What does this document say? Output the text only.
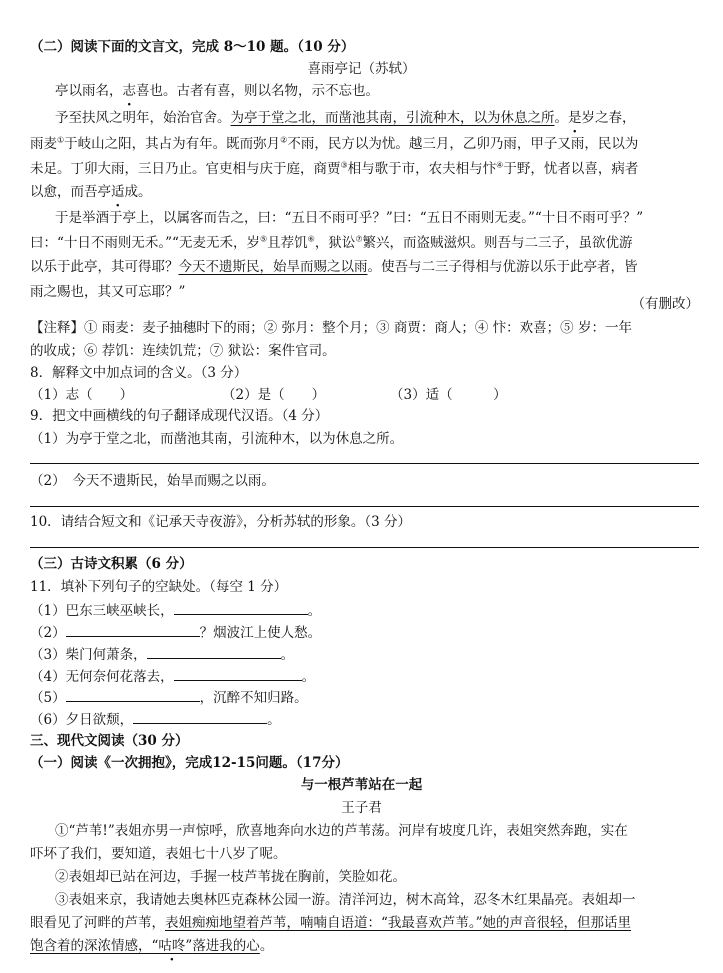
（二）阅读下面的文言文，完成 8～10 题。（10 分）
喜雨亭记（苏轼）
亭以雨名，志喜也。古者有喜，则以名物，示不忘也。
予至扶风之明年，始治官舍。为亭于堂之北，而凿池其南，引流种木，以为休息之所。是岁之春，
雨麦①于岐山之阳，其占为有年。既而弥月②不雨，民方以为忧。越三月，乙卯乃雨，甲子又雨，民以为
未足。丁卯大雨，三日乃止。官吏相与庆于庭，商贾③相与歌于市，农夫相与忭④于野，忧者以喜，病者
以愈，而吾亭适成。
于是举酒于亭上，以属客而告之，曰：“五日不雨可乎？”曰：“五日不雨则无麦。”“十日不雨可乎？”
曰：“十日不雨则无禾。”“无麦无禾，岁⑤且荐饥⑥，狱讼⑦繁兴，而盗贼滋炽。则吾与二三子，虽欲优游
以乐于此亭，其可得耶？今天不遗斯民，始旱而赐之以雨。使吾与二三子得相与优游以乐于此亭者，皆
雨之赐也，其又可忘耶？”
（有删改）
【注释】① 雨麦：麦子抽穗时下的雨；② 弥月：整个月；③ 商贾：商人；④ 忭：欢喜；⑤ 岁：一年
的收成；⑥ 荐饥：连续饥荒；⑦ 狱讼：案件官司。
8．解释文中加点词的含义。（3 分）
（1）志（　　）	（2）是（　　）	（3）适（　　　）
9．把文中画横线的句子翻译成现代汉语。（4 分）
（1）为亭于堂之北，而凿池其南，引流种木，以为休息之所。
（2）　今天不遗斯民，始旱而赐之以雨。
10．请结合短文和《记承天寺夜游》，分析苏轼的形象。（3 分）
（三）古诗文积累（6 分）
11．填补下列句子的空缺处。（每空 1 分）
（1）巴东三峡巫峡长，	。
（2）	？烟波江上使人愁。
（3）柴门何萧条，	。
（4）无何奈何花落去，	。
（5）	，沉醉不知归路。
（6）夕日欲颓，	。
三、现代文阅读（30 分）
（一）阅读《一次拥抱》，完成12-15问题。（17分）
与一根芦苇站在一起
王子君
①“芦苇!”表姐亦男一声惊呼，欣喜地奔向水边的芦苇荡。河岸有坡度几许，表姐突然奔跑，实在
吓坏了我们，要知道，表姐七十八岁了呢。
②表姐却已站在河边，手握一枝芦苇拢在胸前，笑脸如花。
③表姐来京，我请她去奥林匹克森林公园一游。清洋河边，树木高耸，忍冬木红果晶亮。表姐却一
眼看见了河畔的芦苇，表姐痴痴地望着芦苇，喃喃自语道：“我最喜欢芦苇。”她的声音很轻，但那话里
饱含着的深浓情感，“咕咚” ·落进我的心。
